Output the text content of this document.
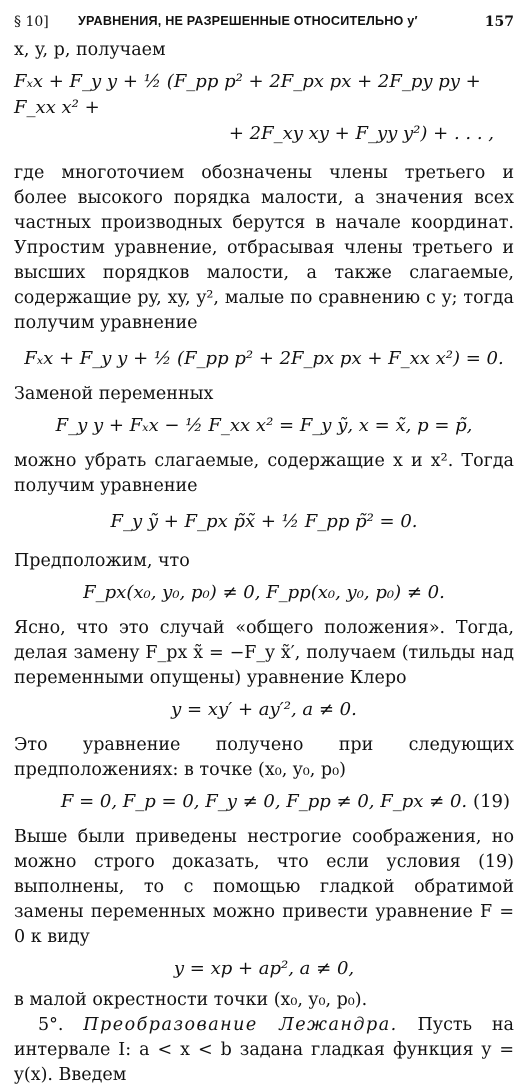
§ 10] УРАВНЕНИЯ, НЕ РАЗРЕШЕННЫЕ ОТНОСИТЕЛЬНО y′	157

x, y, p, получаем

Fₓx + F_y y + ½ (F_pp p² + 2F_px px + 2F_py py + F_xx x² +
+ 2F_xy xy + F_yy y²) + . . . ,

где многоточием обозначены члены третьего и более высокого порядка малости, а значения всех частных производных берутся в начале координат. Упростим уравнение, отбрасывая члены третьего и высших порядков малости, а также слагаемые, содержащие py, xy, y², малые по сравнению с y; тогда получим уравнение

Fₓx + F_y y + ½ (F_pp p² + 2F_px px + F_xx x²) = 0.

Заменой переменных

F_y y + Fₓx − ½ F_xx x² = F_y ỹ, x = x̃, p = p̃,

можно убрать слагаемые, содержащие x и x². Тогда получим уравнение

F_y ỹ + F_px p̃x̃ + ½ F_pp p̃² = 0.

Предположим, что

F_px(x₀, y₀, p₀) ≠ 0, F_pp(x₀, y₀, p₀) ≠ 0.

Ясно, что это случай «общего положения». Тогда, делая замену F_px x̃ = −F_y x̃′, получаем (тильды над переменными опущены) уравнение Клеро

y = xy′ + ay′², a ≠ 0.

Это уравнение получено при следующих предположениях: в точке (x₀, y₀, p₀)

F = 0, F_p = 0, F_y ≠ 0, F_pp ≠ 0, F_px ≠ 0. (19)

Выше были приведены нестрогие соображения, но можно строго доказать, что если условия (19) выполнены, то с помощью гладкой обратимой замены переменных можно привести уравнение F = 0 к виду

y = xp + ap², a ≠ 0,

в малой окрестности точки (x₀, y₀, p₀).

5°. Преобразование Лежандра. Пусть на интервале I: a < x < b задана гладкая функция y = y(x). Введем
